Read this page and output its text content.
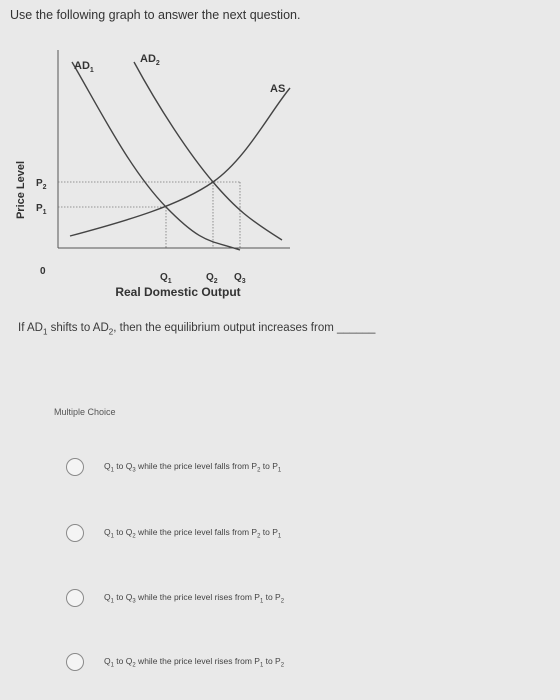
Use the following graph to answer the next question.
Price Level
$AD_1$
$AD_2$
AS
$P_2$
$P_1$
0
$Q_1$	$Q_2$ $Q_3$
Real Domestic Output
If $AD_1$ shifts to $AD_2$, then the equilibrium output increases from ______
Multiple Choice
$Q_1$ to $Q_3$ while the price level falls from $P_2$ to $P_1$
$Q_1$ to $Q_2$ while the price level falls from $P_2$ to $P_1$
$Q_1$ to $Q_3$ while the price level rises from $P_1$ to $P_2$
$Q_1$ to $Q_2$ while the price level rises from $P_1$ to $P_2$
